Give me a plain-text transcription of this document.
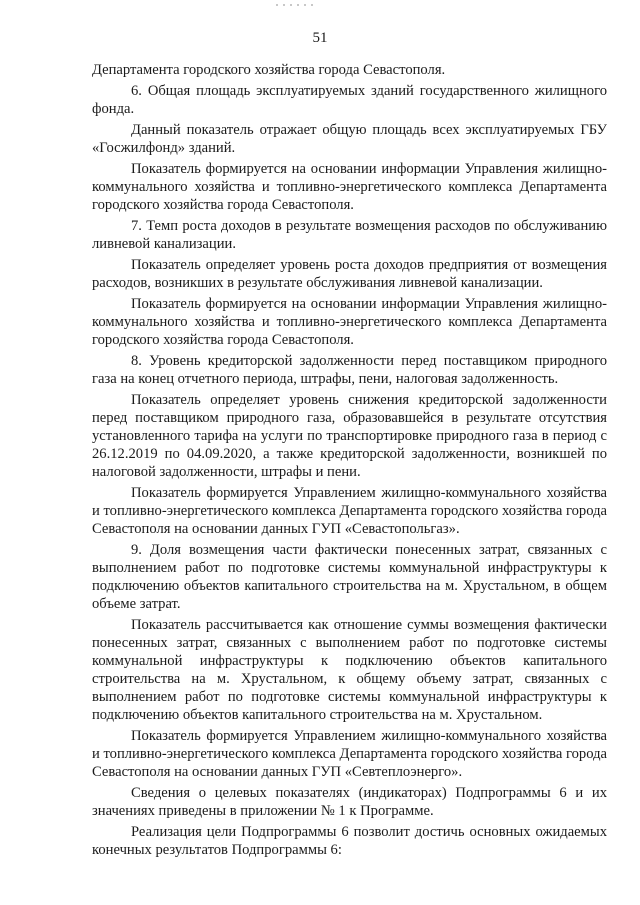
51

Департамента городского хозяйства города Севастополя.

6. Общая площадь эксплуатируемых зданий государственного жилищного фонда.

Данный показатель отражает общую площадь всех эксплуатируемых ГБУ «Госжилфонд» зданий.

Показатель формируется на основании информации Управления жилищно-коммунального хозяйства и топливно-энергетического комплекса Департамента городского хозяйства города Севастополя.

7. Темп роста доходов в результате возмещения расходов по обслуживанию ливневой канализации.

Показатель определяет уровень роста доходов предприятия от возмещения расходов, возникших в результате обслуживания ливневой канализации.

Показатель формируется на основании информации Управления жилищно-коммунального хозяйства и топливно-энергетического комплекса Департамента городского хозяйства города Севастополя.

8. Уровень кредиторской задолженности перед поставщиком природного газа на конец отчетного периода, штрафы, пени, налоговая задолженность.

Показатель определяет уровень снижения кредиторской задолженности перед поставщиком природного газа, образовавшейся в результате отсутствия установленного тарифа на услуги по транспортировке природного газа в период с 26.12.2019 по 04.09.2020, а также кредиторской задолженности, возникшей по налоговой задолженности, штрафы и пени.

Показатель формируется Управлением жилищно-коммунального хозяйства и топливно-энергетического комплекса Департамента городского хозяйства города Севастополя на основании данных ГУП «Севастопольгаз».

9. Доля возмещения части фактически понесенных затрат, связанных с выполнением работ по подготовке системы коммунальной инфраструктуры к подключению объектов капитального строительства на м. Хрустальном, в общем объеме затрат.

Показатель рассчитывается как отношение суммы возмещения фактически понесенных затрат, связанных с выполнением работ по подготовке системы коммунальной инфраструктуры к подключению объектов капитального строительства на м. Хрустальном, к общему объему затрат, связанных с выполнением работ по подготовке системы коммунальной инфраструктуры к подключению объектов капитального строительства на м. Хрустальном.

Показатель формируется Управлением жилищно-коммунального хозяйства и топливно-энергетического комплекса Департамента городского хозяйства города Севастополя на основании данных ГУП «Севтеплоэнерго».

Сведения о целевых показателях (индикаторах) Подпрограммы 6 и их значениях приведены в приложении № 1 к Программе.

Реализация цели Подпрограммы 6 позволит достичь основных ожидаемых конечных результатов Подпрограммы 6:
